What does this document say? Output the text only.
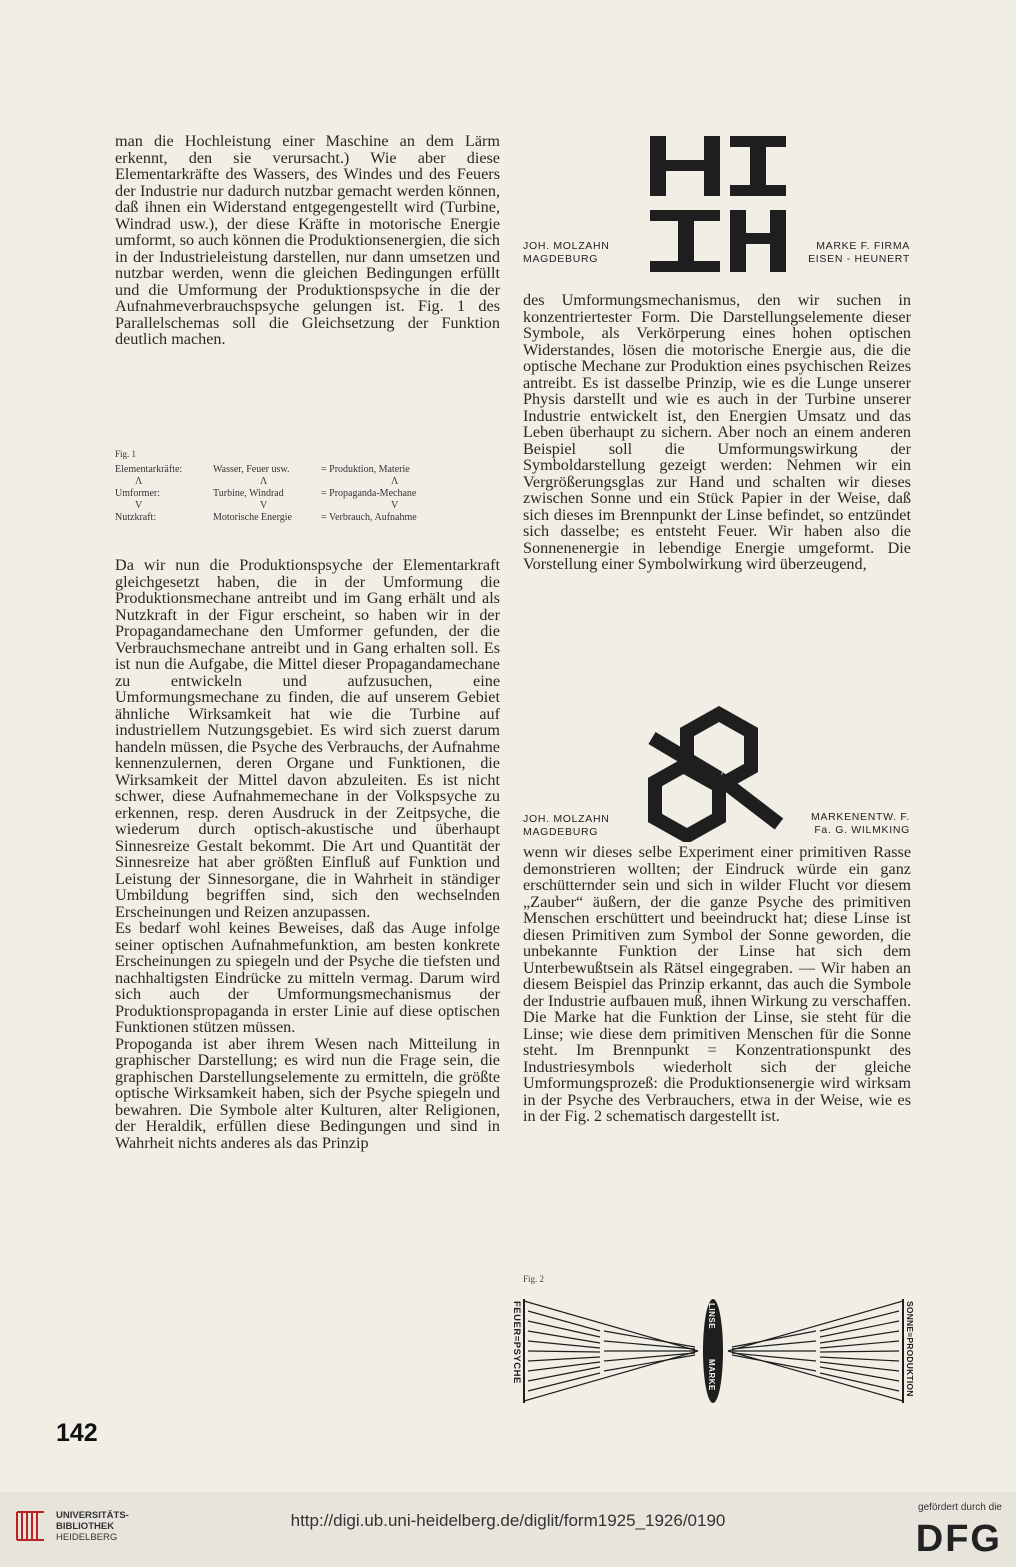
man die Hochleistung einer Maschine an dem Lärm erkennt, den sie verursacht.) Wie aber diese Elementarkräfte des Wassers, des Windes und des Feuers der Industrie nur dadurch nutzbar gemacht werden können, daß ihnen ein Widerstand entgegengestellt wird (Turbine, Windrad usw.), der diese Kräfte in motorische Energie umformt, so auch können die Produktionsenergien, die sich in der Industrieleistung darstellen, nur dann umsetzen und nutzbar werden, wenn die gleichen Bedingungen erfüllt und die Umformung der Produktionspsyche in die der Aufnahmeverbrauchspsyche gelungen ist. Fig. 1 des Parallelschemas soll die Gleichsetzung der Funktion deutlich machen.

Fig. 1
Elementarkräfte:	Wasser, Feuer usw.	= Produktion, Materie
Λ	Λ	Λ
Umformer:	Turbine, Windrad	= Propaganda-Mechane
V	V	V
Nutzkraft:	Motorische Energie	= Verbrauch, Aufnahme

Da wir nun die Produktionspsyche der Elementarkraft gleichgesetzt haben, die in der Umformung die Produktionsmechane antreibt und im Gang erhält und als Nutzkraft in der Figur erscheint, so haben wir in der Propagandamechane den Umformer gefunden, der die Verbrauchsmechane antreibt und in Gang erhalten soll. Es ist nun die Aufgabe, die Mittel dieser Propagandamechane zu entwickeln und aufzusuchen, eine Umformungsmechane zu finden, die auf unserem Gebiet ähnliche Wirksamkeit hat wie die Turbine auf industriellem Nutzungsgebiet. Es wird sich zuerst darum handeln müssen, die Psyche des Verbrauchs, der Aufnahme kennenzulernen, deren Organe und Funktionen, die Wirksamkeit der Mittel davon abzuleiten. Es ist nicht schwer, diese Aufnahmemechane in der Volkspsyche zu erkennen, resp. deren Ausdruck in der Zeitpsyche, die wiederum durch optisch-akustische und überhaupt Sinnesreize Gestalt bekommt. Die Art und Quantität der Sinnesreize hat aber größten Einfluß auf Funktion und Leistung der Sinnesorgane, die in Wahrheit in ständiger Umbildung begriffen sind, sich den wechselnden Erscheinungen und Reizen anzupassen.

Es bedarf wohl keines Beweises, daß das Auge infolge seiner optischen Aufnahmefunktion, am besten konkrete Erscheinungen zu spiegeln und der Psyche die tiefsten und nachhaltigsten Eindrücke zu mitteln vermag. Darum wird sich auch der Umformungsmechanismus der Produktionspropaganda in erster Linie auf diese optischen Funktionen stützen müssen.

Propoganda ist aber ihrem Wesen nach Mitteilung in graphischer Darstellung; es wird nun die Frage sein, die graphischen Darstellungselemente zu ermitteln, die größte optische Wirksamkeit haben, sich der Psyche spiegeln und bewahren. Die Symbole alter Kulturen, alter Religionen, der Heraldik, erfüllen diese Bedingungen und sind in Wahrheit nichts anderes als das Prinzip

JOH. MOLZAHN
MAGDEBURG
MARKE F. FIRMA
EISEN - HEUNERT

des Umformungsmechanismus, den wir suchen in konzentriertester Form. Die Darstellungselemente dieser Symbole, als Verkörperung eines hohen optischen Widerstandes, lösen die motorische Energie aus, die die optische Mechane zur Produktion eines psychischen Reizes antreibt. Es ist dasselbe Prinzip, wie es die Lunge unserer Physis darstellt und wie es auch in der Turbine unserer Industrie entwickelt ist, den Energien Umsatz und das Leben überhaupt zu sichern. Aber noch an einem anderen Beispiel soll die Umformungswirkung der Symboldarstellung gezeigt werden: Nehmen wir ein Vergrößerungsglas zur Hand und schalten wir dieses zwischen Sonne und ein Stück Papier in der Weise, daß sich dieses im Brennpunkt der Linse befindet, so entzündet sich dasselbe; es entsteht Feuer. Wir haben also die Sonnenenergie in lebendige Energie umgeformt. Die Vorstellung einer Symbolwirkung wird überzeugend,

JOH. MOLZAHN
MAGDEBURG
MARKENENTW. F.
Fa. G. WILMKING

wenn wir dieses selbe Experiment einer primitiven Rasse demonstrieren wollten; der Eindruck würde ein ganz erschütternder sein und sich in wilder Flucht vor diesem „Zauber“ äußern, der die ganze Psyche des primitiven Menschen erschüttert und beeindruckt hat; diese Linse ist diesen Primitiven zum Symbol der Sonne geworden, die unbekannte Funktion der Linse hat sich dem Unterbewußtsein als Rätsel eingegraben. — Wir haben an diesem Beispiel das Prinzip erkannt, das auch die Symbole der Industrie aufbauen muß, ihnen Wirkung zu verschaffen. Die Marke hat die Funktion der Linse, sie steht für die Linse; wie diese dem primitiven Menschen für die Sonne steht. Im Brennpunkt = Konzentrationspunkt des Industriesymbols wiederholt sich der gleiche Umformungsprozeß: die Produktionsenergie wird wirksam in der Psyche des Verbrauchers, etwa in der Weise, wie es in der Fig. 2 schematisch dargestellt ist.

Fig. 2
FEUER=PSYCHE	LINSE
MARKE	SONNE=PRODUKTION
142
UNIVERSITÄTS-
BIBLIOTHEK
HEIDELBERG
http://digi.ub.uni-heidelberg.de/diglit/form1925_1926/0190
gefördert durch die
DFG
